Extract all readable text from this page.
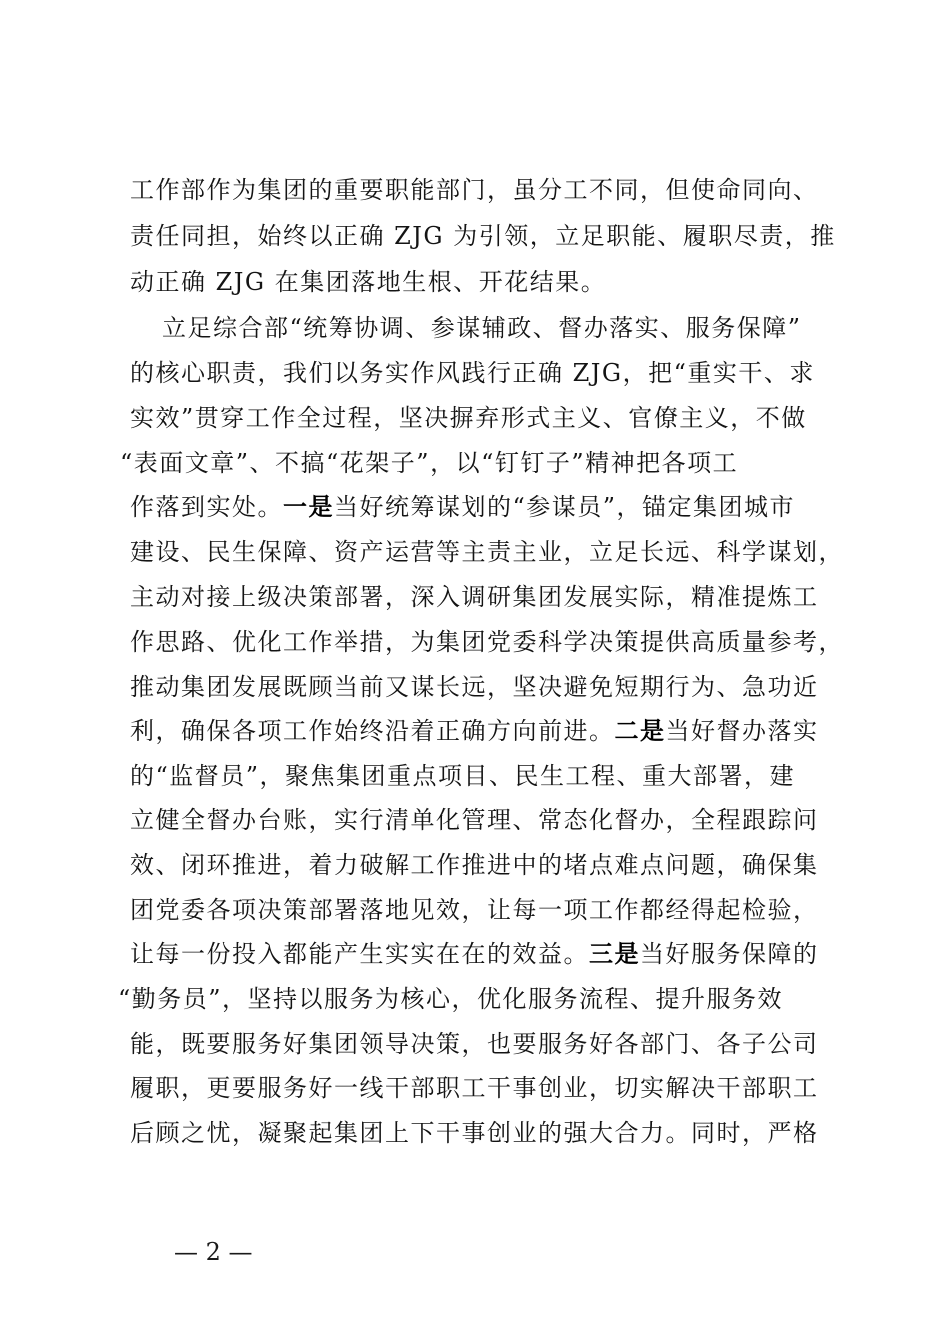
工作部作为集团的重要职能部门，虽分工不同，但使命同向、
责任同担，始终以正确 ZJG 为引领，立足职能、履职尽责，推
动正确 ZJG 在集团落地生根、开花结果。
立足综合部“统筹协调、参谋辅政、督办落实、服务保障”
的核心职责，我们以务实作风践行正确 ZJG，把“重实干、求
实效”贯穿工作全过程，坚决摒弃形式主义、官僚主义，不做
“表面文章”、不搞“花架子”，以“钉钉子”精神把各项工
作落到实处。一是当好统筹谋划的“参谋员”，锚定集团城市
建设、民生保障、资产运营等主责主业，立足长远、科学谋划，
主动对接上级决策部署，深入调研集团发展实际，精准提炼工
作思路、优化工作举措，为集团党委科学决策提供高质量参考，
推动集团发展既顾当前又谋长远，坚决避免短期行为、急功近
利，确保各项工作始终沿着正确方向前进。二是当好督办落实
的“监督员”，聚焦集团重点项目、民生工程、重大部署，建
立健全督办台账，实行清单化管理、常态化督办，全程跟踪问
效、闭环推进，着力破解工作推进中的堵点难点问题，确保集
团党委各项决策部署落地见效，让每一项工作都经得起检验，
让每一份投入都能产生实实在在的效益。三是当好服务保障的
“勤务员”，坚持以服务为核心，优化服务流程、提升服务效
能，既要服务好集团领导决策，也要服务好各部门、各子公司
履职，更要服务好一线干部职工干事创业，切实解决干部职工
后顾之忧，凝聚起集团上下干事创业的强大合力。同时，严格
— 2 —
